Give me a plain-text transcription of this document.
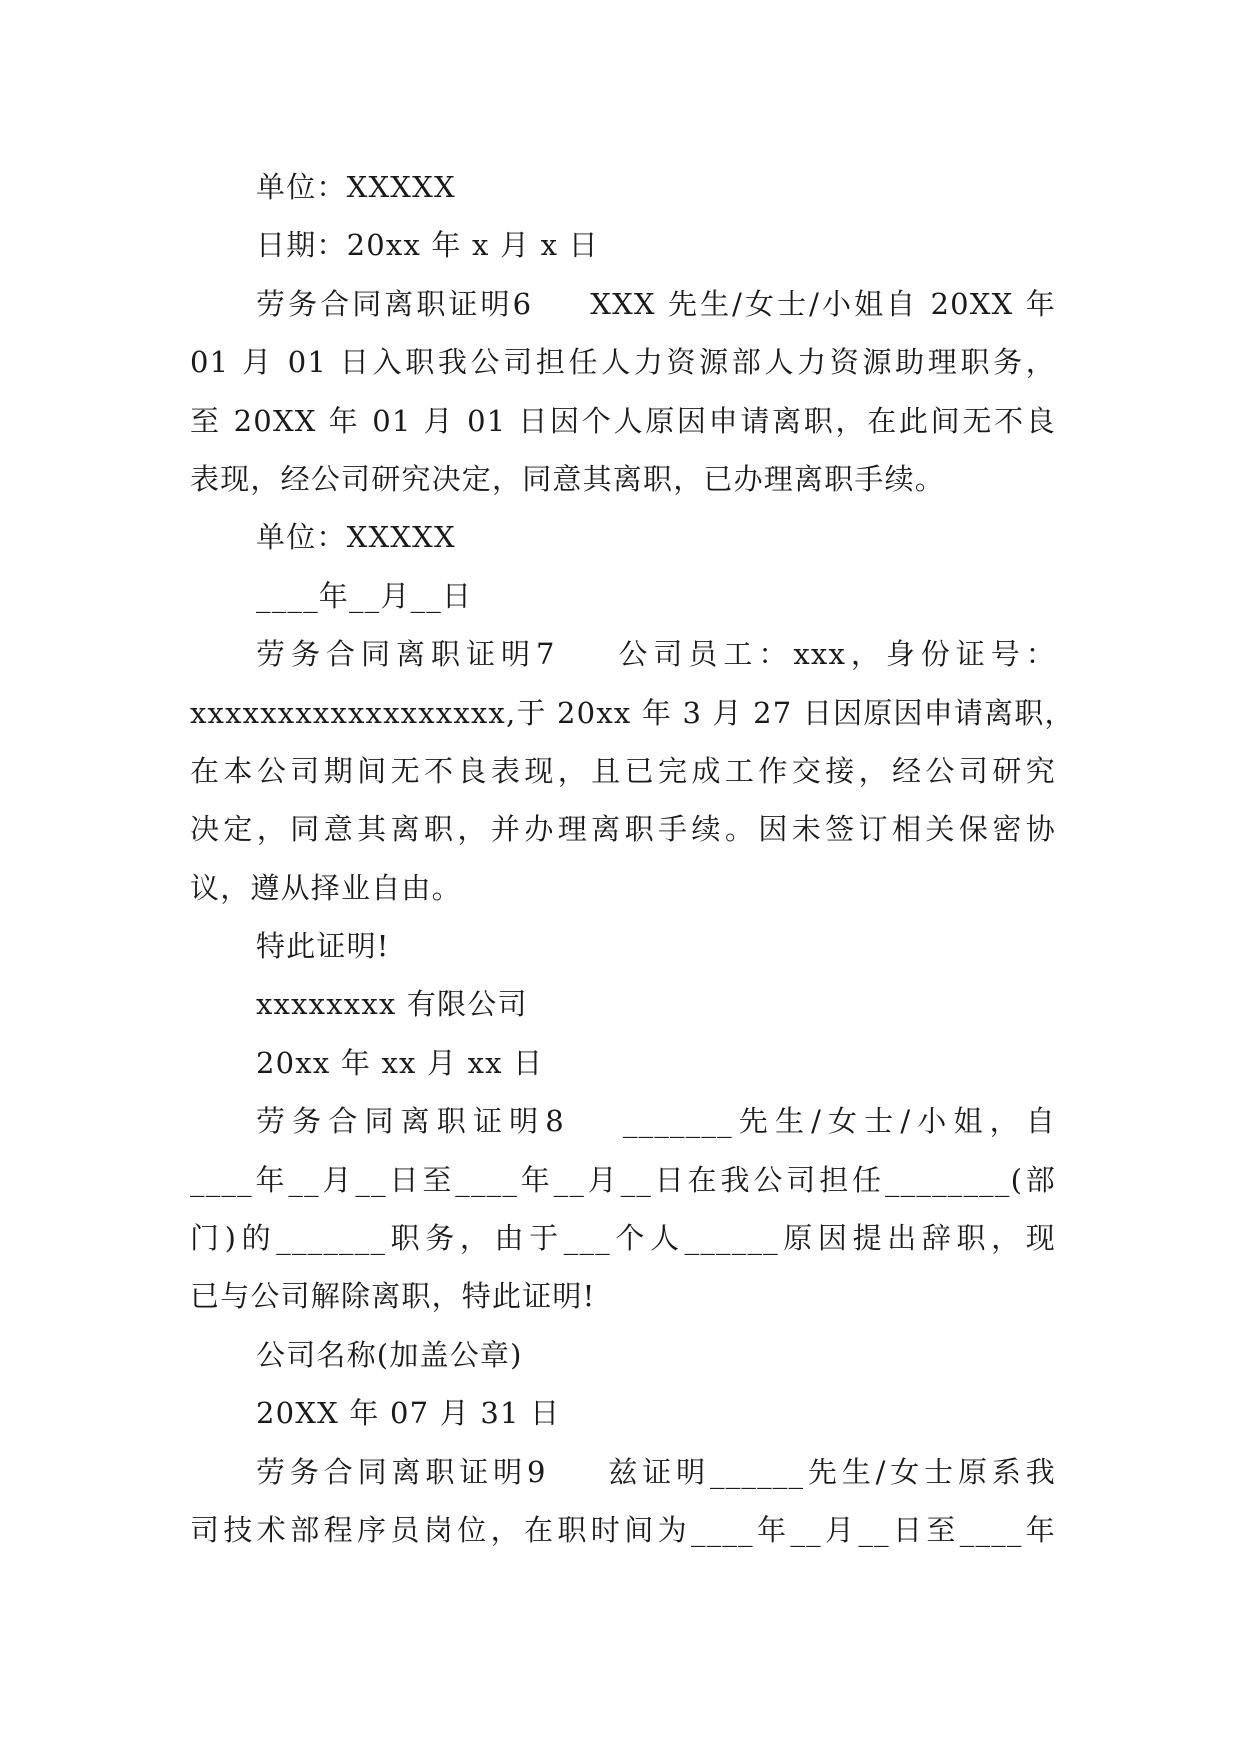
单位：XXXXX
日期：20xx 年 x 月 x 日
劳务合同离职证明6 XXX 先生/女士/小姐自 20XX 年
01 月 01 日入职我公司担任人力资源部人力资源助理职务，
至 20XX 年 01 月 01 日因个人原因申请离职，在此间无不良
表现，经公司研究决定，同意其离职，已办理离职手续。
单位：XXXXX
____年__月__日
劳务合同离职证明7 公司员工：xxx，身份证号：
xxxxxxxxxxxxxxxxxx,于 20xx 年 3 月 27 日因原因申请离职，
在本公司期间无不良表现，且已完成工作交接，经公司研究
决定，同意其离职，并办理离职手续。因未签订相关保密协
议，遵从择业自由。
特此证明!
xxxxxxxx 有限公司
20xx 年 xx 月 xx 日
劳务合同离职证明8 _______先生/女士/小姐，自
____年__月__日至____年__月__日在我公司担任________(部
门)的_______职务，由于___个人______原因提出辞职，现
已与公司解除离职，特此证明!
公司名称(加盖公章)
20XX 年 07 月 31 日
劳务合同离职证明9 兹证明______先生/女士原系我
司技术部程序员岗位，在职时间为____年__月__日至____年
